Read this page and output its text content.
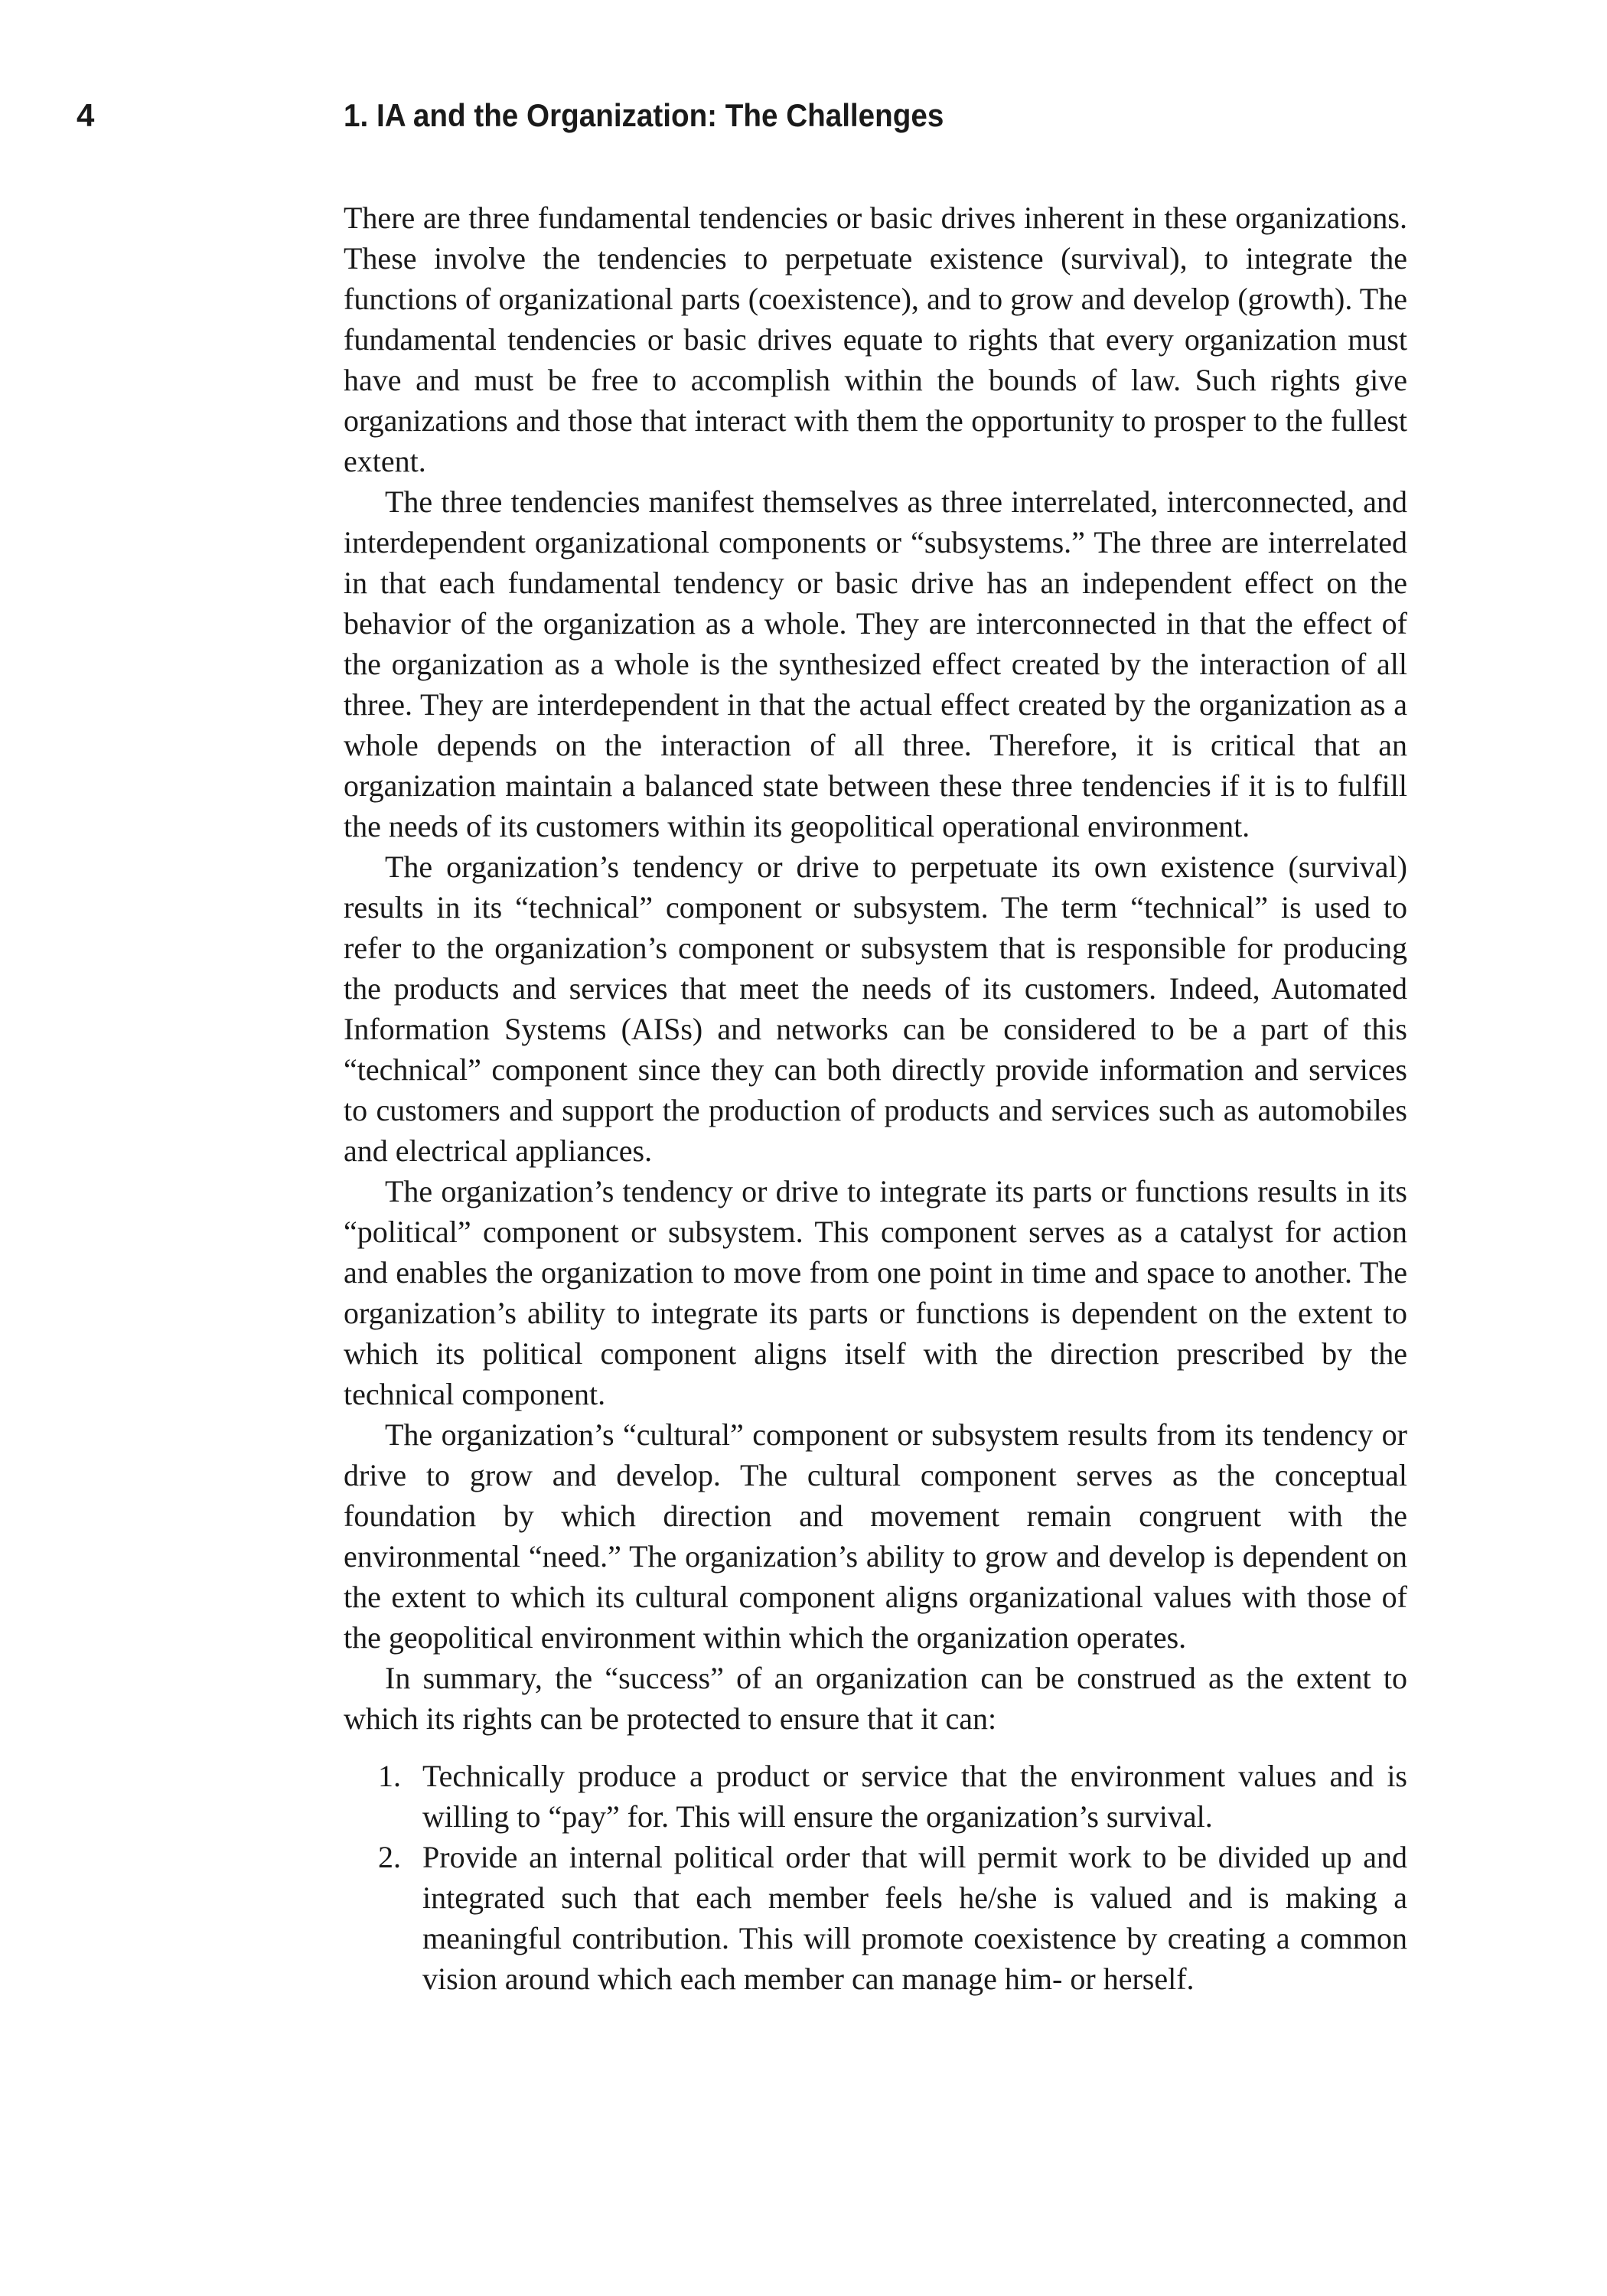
4	1. IA and the Organization: The Challenges

There are three fundamental tendencies or basic drives inherent in these organizations. These involve the tendencies to perpetuate existence (survival), to integrate the functions of organizational parts (coexistence), and to grow and develop (growth). The fundamental tendencies or basic drives equate to rights that every organization must have and must be free to accomplish within the bounds of law. Such rights give organizations and those that interact with them the opportunity to prosper to the fullest extent.

The three tendencies manifest themselves as three interrelated, interconnected, and interdependent organizational components or “subsystems.” The three are interrelated in that each fundamental tendency or basic drive has an independent effect on the behavior of the organization as a whole. They are interconnected in that the effect of the organization as a whole is the synthesized effect created by the interaction of all three. They are interdependent in that the actual effect created by the organization as a whole depends on the interaction of all three. Therefore, it is critical that an organization maintain a balanced state between these three tendencies if it is to fulfill the needs of its customers within its geopolitical operational environment.

The organization’s tendency or drive to perpetuate its own existence (survival) results in its “technical” component or subsystem. The term “technical” is used to refer to the organization’s component or subsystem that is responsible for producing the products and services that meet the needs of its customers. Indeed, Automated Information Systems (AISs) and networks can be considered to be a part of this “technical” component since they can both directly provide information and services to customers and support the production of products and services such as automobiles and electrical appliances.

The organization’s tendency or drive to integrate its parts or functions results in its “political” component or subsystem. This component serves as a catalyst for action and enables the organization to move from one point in time and space to another. The organization’s ability to integrate its parts or functions is dependent on the extent to which its political component aligns itself with the direction prescribed by the technical component.

The organization’s “cultural” component or subsystem results from its tendency or drive to grow and develop. The cultural component serves as the conceptual foundation by which direction and movement remain congruent with the environmental “need.” The organization’s ability to grow and develop is dependent on the extent to which its cultural component aligns organizational values with those of the geopolitical environment within which the organization operates.

In summary, the “success” of an organization can be construed as the extent to which its rights can be protected to ensure that it can:

1. Technically produce a product or service that the environment values and is willing to “pay” for. This will ensure the organization’s survival.
2. Provide an internal political order that will permit work to be divided up and integrated such that each member feels he/she is valued and is making a meaningful contribution. This will promote coexistence by creating a common vision around which each member can manage him- or herself.
